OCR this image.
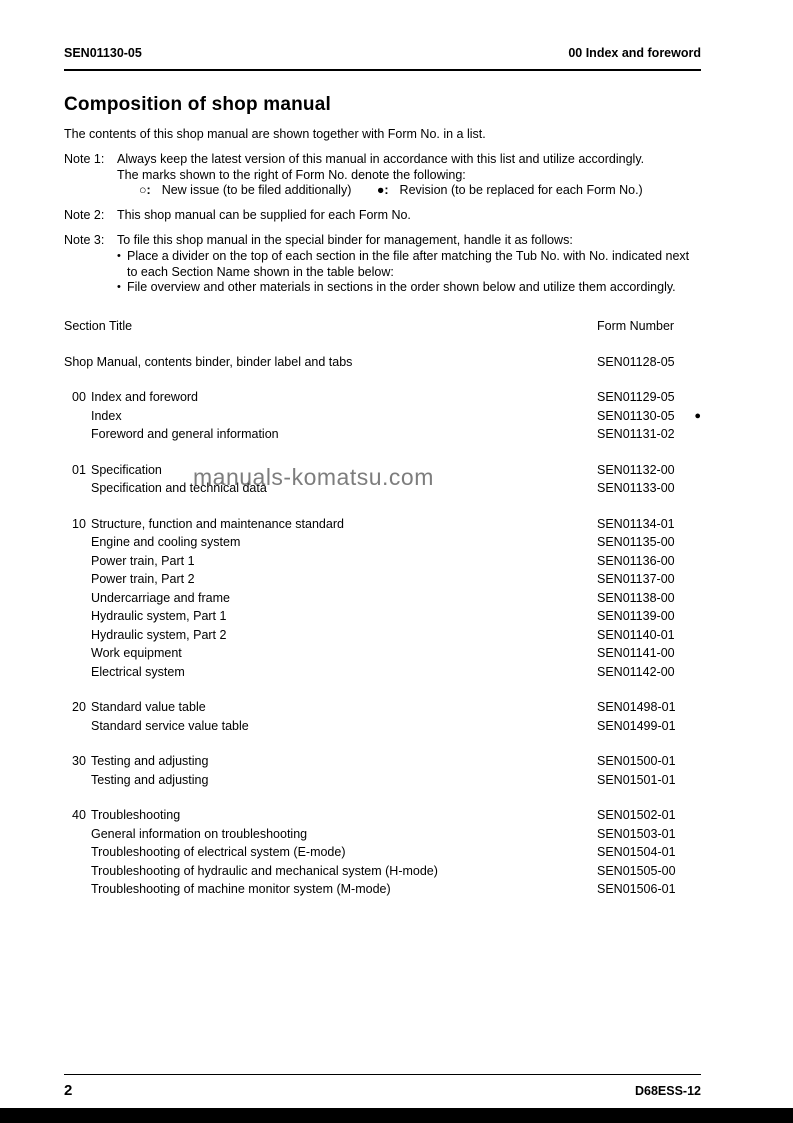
SEN01130-05	00 Index and foreword
Composition of shop manual

The contents of this shop manual are shown together with Form No. in a list.

Note 1:	Always keep the latest version of this manual in accordance with this list and utilize accordingly.
The marks shown to the right of Form No. denote the following:
○: New issue (to be filed additionally) ●: Revision (to be replaced for each Form No.)
Note 2:	This shop manual can be supplied for each Form No.
Note 3:	To file this shop manual in the special binder for management, handle it as follows:
• Place a divider on the top of each section in the file after matching the Tub No. with No. indicated next to each Section Name shown in the table below:
• File overview and other materials in sections in the order shown below and utilize them accordingly.
Section Title	Form Number
Shop Manual, contents binder, binder label and tabs	SEN01128-05
00 Index and foreword	SEN01129-05
Index	SEN01130-05	●
Foreword and general information	SEN01131-02
01 Specification	SEN01132-00
Specification and technical data	SEN01133-00
10 Structure, function and maintenance standard	SEN01134-01
Engine and cooling system	SEN01135-00
Power train, Part 1	SEN01136-00
Power train, Part 2	SEN01137-00
Undercarriage and frame	SEN01138-00
Hydraulic system, Part 1	SEN01139-00
Hydraulic system, Part 2	SEN01140-01
Work equipment	SEN01141-00
Electrical system	SEN01142-00
20 Standard value table	SEN01498-01
Standard service value table	SEN01499-01
30 Testing and adjusting	SEN01500-01
Testing and adjusting	SEN01501-01
40 Troubleshooting	SEN01502-01
General information on troubleshooting	SEN01503-01
Troubleshooting of electrical system (E-mode)	SEN01504-01
Troubleshooting of hydraulic and mechanical system (H-mode)	SEN01505-00
Troubleshooting of machine monitor system (M-mode)	SEN01506-01
manuals-komatsu.com
2	D68ESS-12
